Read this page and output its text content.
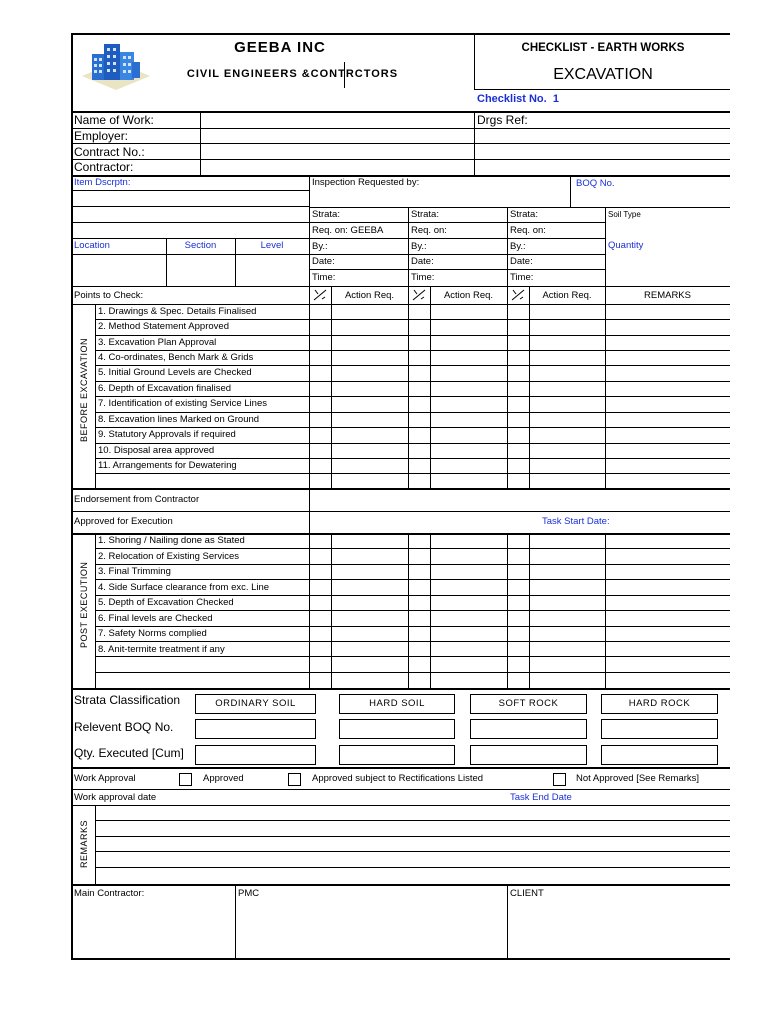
GEEBA INC
CIVIL ENGINEERS &CONTRCTORS
CHECKLIST - EARTH WORKS
EXCAVATION
Checklist No. 1
Name of Work:	Drgs Ref:
Employer:
Contract No.:
Contractor:
Item Dscrptn:	Inspection Requested by:	BOQ No.
Strata:	Strata:	Strata:	Soil Type
Req. on: GEEBA	Req. on:	Req. on:
Location	Section	Level	By.:	By.:	By.:	Quantity
Date:	Date:	Date:
Time:	Time:	Time:
Points to Check:	Action Req.	Action Req.	Action Req.	REMARKS
BEFORE EXCAVATION
1. Drawings & Spec. Details Finalised
2. Method Statement Approved
3. Excavation Plan Approval
4. Co-ordinates, Bench Mark & Grids
5. Initial Ground Levels are Checked
6. Depth of Excavation finalised
7. Identification of existing Service Lines
8. Excavation lines Marked on Ground
9. Statutory Approvals if required
10. Disposal area approved
11. Arrangements for Dewatering
Endorsement from Contractor
Approved for Execution	Task Start Date:
POST EXECUTION
1. Shoring / Nailing done as Stated
2. Relocation of Existing Services
3. Final Trimming
4. Side Surface clearance from exc. Line
5. Depth of Excavation Checked
6. Final levels are Checked
7. Safety Norms complied
8. Anit-termite treatment if any
Strata Classification
Relevent BOQ No.
Qty. Executed [Cum]
ORDINARY SOIL	HARD SOIL	SOFT ROCK	HARD ROCK
Work Approval	Approved	Approved subject to Rectifications Listed	Not Approved [See Remarks]
Work approval date	Task End Date
REMARKS
Main Contractor:	PMC	CLIENT
